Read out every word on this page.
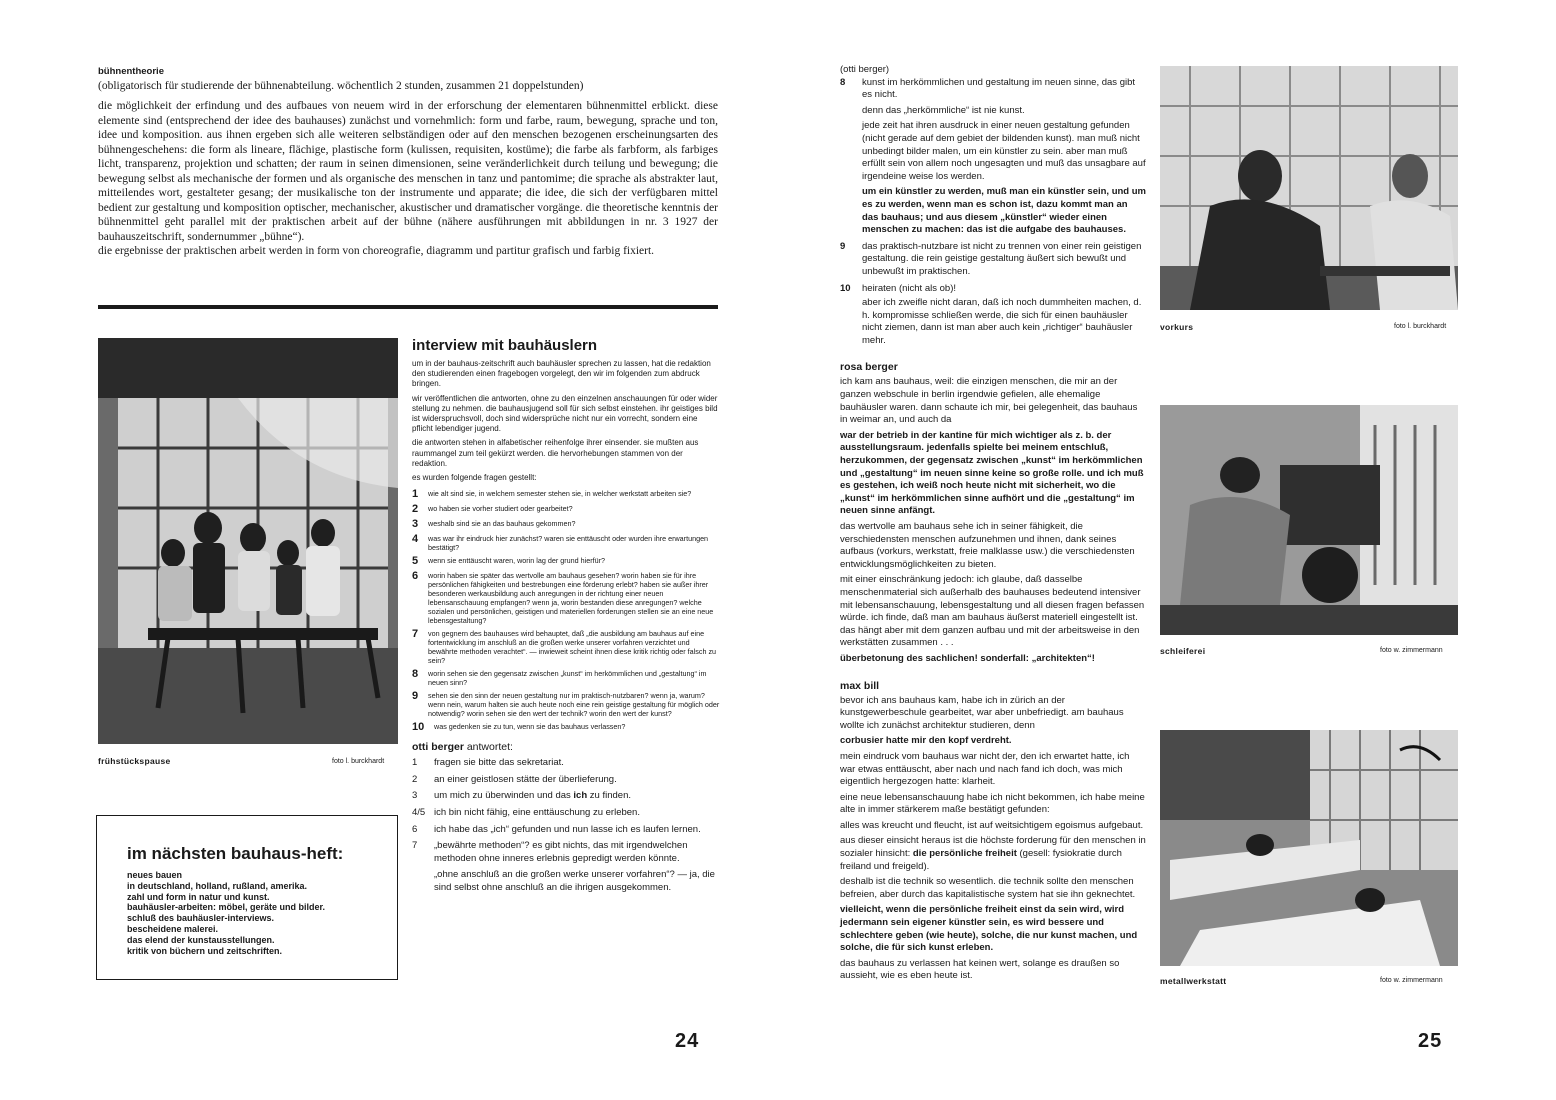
bühnentheorie

(obligatorisch für studierende der bühnenabteilung. wöchentlich 2 stunden, zusammen 21 doppelstunden)

die möglichkeit der erfindung und des aufbaues von neuem wird in der erforschung der elementaren bühnenmittel erblickt. diese elemente sind (entsprechend der idee des bauhauses) zunächst und vornehmlich: form und farbe, raum, bewegung, sprache und ton, idee und komposition. aus ihnen ergeben sich alle weiteren selbständigen oder auf den menschen bezogenen erscheinungsarten des bühnengeschehens: die form als lineare, flächige, plastische form (kulissen, requisiten, kostüme); die farbe als farbform, als farbiges licht, transparenz, projektion und schatten; der raum in seinen dimensionen, seine veränderlichkeit durch teilung und bewegung; die bewegung selbst als mechanische der formen und als organische des menschen in tanz und pantomime; die sprache als abstrakter laut, mitteilendes wort, gestalteter gesang; der musikalische ton der instrumente und apparate; die idee, die sich der verfügbaren mittel bedient zur gestaltung und komposition optischer, mechanischer, akustischer und dramatischer vorgänge. die theoretische kenntnis der bühnenmittel geht parallel mit der praktischen arbeit auf der bühne (nähere ausführungen mit abbildungen in nr. 3 1927 der bauhauszeitschrift, sondernummer „bühne“).

die ergebnisse der praktischen arbeit werden in form von choreografie, diagramm und partitur grafisch und farbig fixiert.

frühstückspause	foto l. burckhardt

interview mit bauhäuslern

um in der bauhaus-zeitschrift auch bauhäusler sprechen zu lassen, hat die redaktion den studierenden einen fragebogen vorgelegt, den wir im folgenden zum abdruck bringen.

wir veröffentlichen die antworten, ohne zu den einzelnen anschauungen für oder wider stellung zu nehmen. die bauhausjugend soll für sich selbst einstehen. ihr geistiges bild ist widerspruchsvoll, doch sind widersprüche nicht nur ein vorrecht, sondern eine pflicht lebendiger jugend.

die antworten stehen in alfabetischer reihenfolge ihrer einsender. sie mußten aus raummangel zum teil gekürzt werden. die hervorhebungen stammen von der redaktion.

es wurden folgende fragen gestellt:

1	wie alt sind sie, in welchem semester stehen sie, in welcher werkstatt arbeiten sie?
2	wo haben sie vorher studiert oder gearbeitet?
3	weshalb sind sie an das bauhaus gekommen?
4	was war ihr eindruck hier zunächst? waren sie enttäuscht oder wurden ihre erwartungen bestätigt?
5	wenn sie enttäuscht waren, worin lag der grund hierfür?
6	worin haben sie später das wertvolle am bauhaus gesehen? worin haben sie für ihre persönlichen fähigkeiten und bestrebungen eine förderung erlebt? haben sie außer ihrer besonderen werkausbildung auch anregungen in der richtung einer neuen lebensanschauung empfangen? wenn ja, worin bestanden diese anregungen? welche sozialen und persönlichen, geistigen und materiellen forderungen stellen sie an eine neue lebensgestaltung?
7	von gegnern des bauhauses wird behauptet, daß „die ausbildung am bauhaus auf eine fortentwicklung im anschluß an die großen werke unserer vorfahren verzichtet und bewährte methoden verachtet“. — inwieweit scheint ihnen diese kritik richtig oder falsch zu sein?
8	worin sehen sie den gegensatz zwischen „kunst“ im herkömmlichen und „gestaltung“ im neuen sinn?
9	sehen sie den sinn der neuen gestaltung nur im praktisch-nutzbaren? wenn ja, warum? wenn nein, warum halten sie auch heute noch eine rein geistige gestaltung für möglich oder notwendig? worin sehen sie den wert der technik? worin den wert der kunst?
10	was gedenken sie zu tun, wenn sie das bauhaus verlassen?

otti berger antwortet:

1	fragen sie bitte das sekretariat.
2	an einer geistlosen stätte der überlieferung.
3	um mich zu überwinden und das ich zu finden.
4/5 ich bin nicht fähig, eine enttäuschung zu erleben.
6	ich habe das „ich“ gefunden und nun lasse ich es laufen lernen.
7	„bewährte methoden“? es gibt nichts, das mit irgendwelchen methoden ohne inneres erlebnis gepredigt werden könnte.

„ohne anschluß an die großen werke unserer vorfahren“? — ja, die sind selbst ohne anschluß an die ihrigen ausgekommen.

im nächsten bauhaus-heft:

neues bauen

in deutschland, holland, rußland, amerika.

zahl und form in natur und kunst.

bauhäusler-arbeiten: möbel, geräte und bilder.

schluß des bauhäusler-interviews.

bescheidene malerei.

das elend der kunstausstellungen.

kritik von büchern und zeitschriften.

24

(otti berger)

8	kunst im herkömmlichen und gestaltung im neuen sinne, das gibt es nicht.

denn das „herkömmliche“ ist nie kunst.

jede zeit hat ihren ausdruck in einer neuen gestaltung gefunden (nicht gerade auf dem gebiet der bildenden kunst). man muß nicht unbedingt bilder malen, um ein künstler zu sein. aber man muß erfüllt sein von allem noch ungesagten und muß das unsagbare auf irgendeine weise los werden.

um ein künstler zu werden, muß man ein künstler sein, und um es zu werden, wenn man es schon ist, dazu kommt man an das bauhaus; und aus diesem „künstler“ wieder einen menschen zu machen: das ist die aufgabe des bauhauses.

9	das praktisch-nutzbare ist nicht zu trennen von einer rein geistigen gestaltung. die rein geistige gestaltung äußert sich bewußt und unbewußt im praktischen.
10 heiraten (nicht als ob)!

aber ich zweifle nicht daran, daß ich noch dummheiten machen, d. h. kompromisse schließen werde, die sich für einen bauhäusler nicht ziemen, dann ist man aber auch kein „richtiger“ bauhäusler mehr.

rosa berger

ich kam ans bauhaus, weil: die einzigen menschen, die mir an der ganzen webschule in berlin irgendwie gefielen, alle ehemalige bauhäusler waren. dann schaute ich mir, bei gelegenheit, das bauhaus in weimar an, und auch da

war der betrieb in der kantine für mich wichtiger als z. b. der ausstellungsraum. jedenfalls spielte bei meinem entschluß, herzukommen, der gegensatz zwischen „kunst“ im herkömmlichen und „gestaltung“ im neuen sinne keine so große rolle. und ich muß es gestehen, ich weiß noch heute nicht mit sicherheit, wo die „kunst“ im herkömmlichen sinne aufhört und die „gestaltung“ im neuen sinne anfängt.

das wertvolle am bauhaus sehe ich in seiner fähigkeit, die verschiedensten menschen aufzunehmen und ihnen, dank seines aufbaus (vorkurs, werkstatt, freie malklasse usw.) die verschiedensten entwicklungsmöglichkeiten zu bieten.

mit einer einschränkung jedoch: ich glaube, daß dasselbe menschenmaterial sich außerhalb des bauhauses bedeutend intensiver mit lebensanschauung, lebensgestaltung und all diesen fragen befassen würde. ich finde, daß man am bauhaus äußerst materiell eingestellt ist. das hängt aber mit dem ganzen aufbau und mit der arbeitsweise in den werkstätten zusammen . . .

überbetonung des sachlichen! sonderfall: „architekten“!

max bill

bevor ich ans bauhaus kam, habe ich in zürich an der kunstgewerbeschule gearbeitet, war aber unbefriedigt. am bauhaus wollte ich zunächst architektur studieren, denn

corbusier hatte mir den kopf verdreht.

mein eindruck vom bauhaus war nicht der, den ich erwartet hatte, ich war etwas enttäuscht, aber nach und nach fand ich doch, was mich eigentlich hergezogen hatte: klarheit.

eine neue lebensanschauung habe ich nicht bekommen, ich habe meine alte in immer stärkerem maße bestätigt gefunden:

alles was kreucht und fleucht, ist auf weitsichtigem egoismus aufgebaut.

aus dieser einsicht heraus ist die höchste forderung für den menschen in sozialer hinsicht: die persönliche freiheit (gesell: fysiokratie durch freiland und freigeld).

deshalb ist die technik so wesentlich. die technik sollte den menschen befreien, aber durch das kapitalistische system hat sie ihn geknechtet.

vielleicht, wenn die persönliche freiheit einst da sein wird, wird jedermann sein eigener künstler sein, es wird bessere und schlechtere geben (wie heute), solche, die nur kunst machen, und solche, die für sich kunst erleben.

das bauhaus zu verlassen hat keinen wert, solange es draußen so aussieht, wie es eben heute ist.

vorkurs	foto l. burckhardt
schleiferei	foto w. zimmermann
metallwerkstatt	foto w. zimmermann
25
